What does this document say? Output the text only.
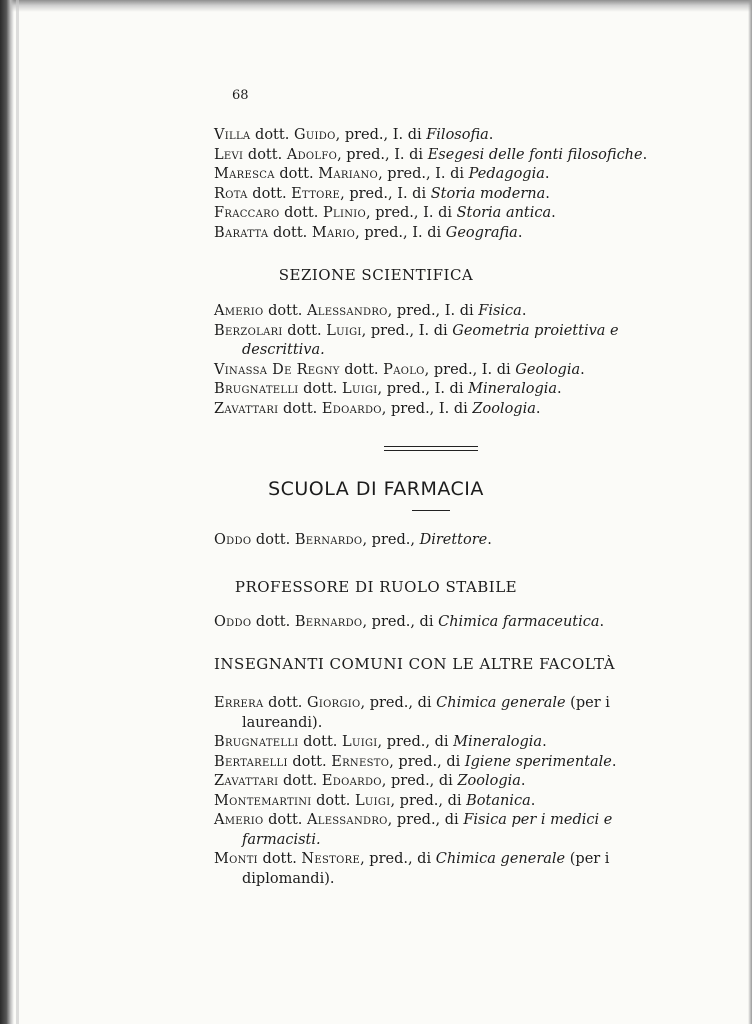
68

Villa dott. Guido, pred., I. di Filosofia.

Levi dott. Adolfo, pred., I. di Esegesi delle fonti filosofiche.

Maresca dott. Mariano, pred., I. di Pedagogia.

Rota dott. Ettore, pred., I. di Storia moderna.

Fraccaro dott. Plinio, pred., I. di Storia antica.

Baratta dott. Mario, pred., I. di Geografia.

SEZIONE SCIENTIFICA

Amerio dott. Alessandro, pred., I. di Fisica.

Berzolari dott. Luigi, pred., I. di Geometria proiettiva e
descrittiva.

Vinassa De Regny dott. Paolo, pred., I. di Geologia.

Brugnatelli dott. Luigi, pred., I. di Mineralogia.

Zavattari dott. Edoardo, pred., I. di Zoologia.

SCUOLA DI FARMACIA

Oddo dott. Bernardo, pred., Direttore.

PROFESSORE DI RUOLO STABILE

Oddo dott. Bernardo, pred., di Chimica farmaceutica.

INSEGNANTI COMUNI CON LE ALTRE FACOLTÀ

Errera dott. Giorgio, pred., di Chimica generale (per i
laureandi).

Brugnatelli dott. Luigi, pred., di Mineralogia.

Bertarelli dott. Ernesto, pred., di Igiene sperimentale.

Zavattari dott. Edoardo, pred., di Zoologia.

Montemartini dott. Luigi, pred., di Botanica.

Amerio dott. Alessandro, pred., di Fisica per i medici e
farmacisti.

Monti dott. Nestore, pred., di Chimica generale (per i
diplomandi).
